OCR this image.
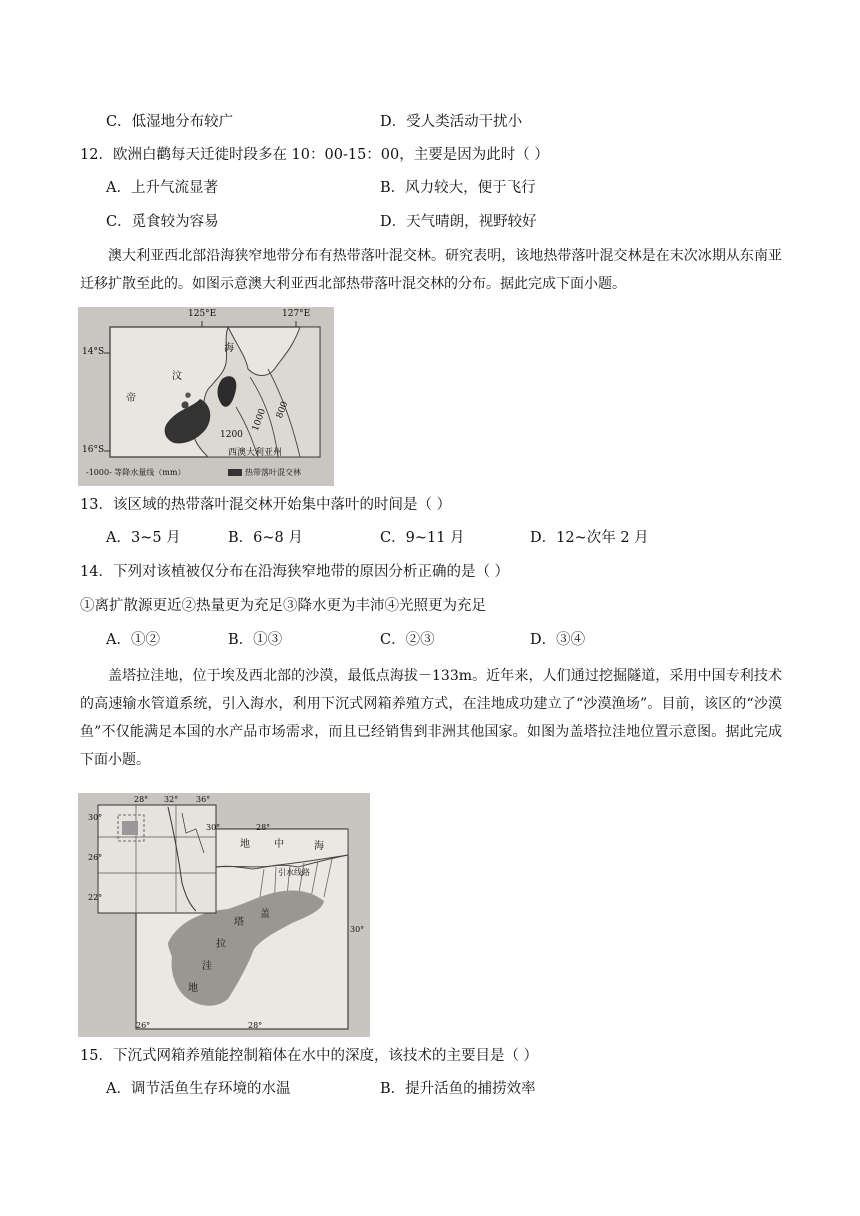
C．低湿地分布较广	D．受人类活动干扰小
12．欧洲白鹳每天迁徙时段多在 10：00-15：00，主要是因为此时（ ）
A．上升气流显著	B．风力较大，便于飞行
C．觅食较为容易	D．天气晴朗，视野较好
澳大利亚西北部沿海狭窄地带分布有热带落叶混交林。研究表明，该地热带落叶混交林是在末次冰期从东南亚迁移扩散至此的。如图示意澳大利亚西北部热带落叶混交林的分布。据此完成下面小题。
125°E	127°E
14°S
16°S
帝
汶
海
1200
1000 800
西澳大利亚州
-1000- 等降水量线（mm）	热带落叶混交林
13．该区域的热带落叶混交林开始集中落叶的时间是（ ）
A．3~5 月	B．6~8 月	C．9~11 月	D．12~次年 2 月
14．下列对该植被仅分布在沿海狭窄地带的原因分析正确的是（ ）
①离扩散源更近②热量更为充足③降水更为丰沛④光照更为充足
A．①②	B．①③	C．②③	D．③④
盖塔拉洼地，位于埃及西北部的沙漠，最低点海拔－133m。近年来，人们通过挖掘隧道，采用中国专利技术的高速输水管道系统，引入海水，利用下沉式网箱养殖方式，在洼地成功建立了“沙漠渔场”。目前，该区的“沙漠鱼”不仅能满足本国的水产品市场需求，而且已经销售到非洲其他国家。如图为盖塔拉洼地位置示意图。据此完成下面小题。
28° 32° 36°
30°
26°
22°
30°	28°
30°
26°	28°
地 中	海
引水线路
盖
塔
拉
洼
地
15．下沉式网箱养殖能控制箱体在水中的深度，该技术的主要目是（ ）
A．调节活鱼生存环境的水温	B．提升活鱼的捕捞效率
